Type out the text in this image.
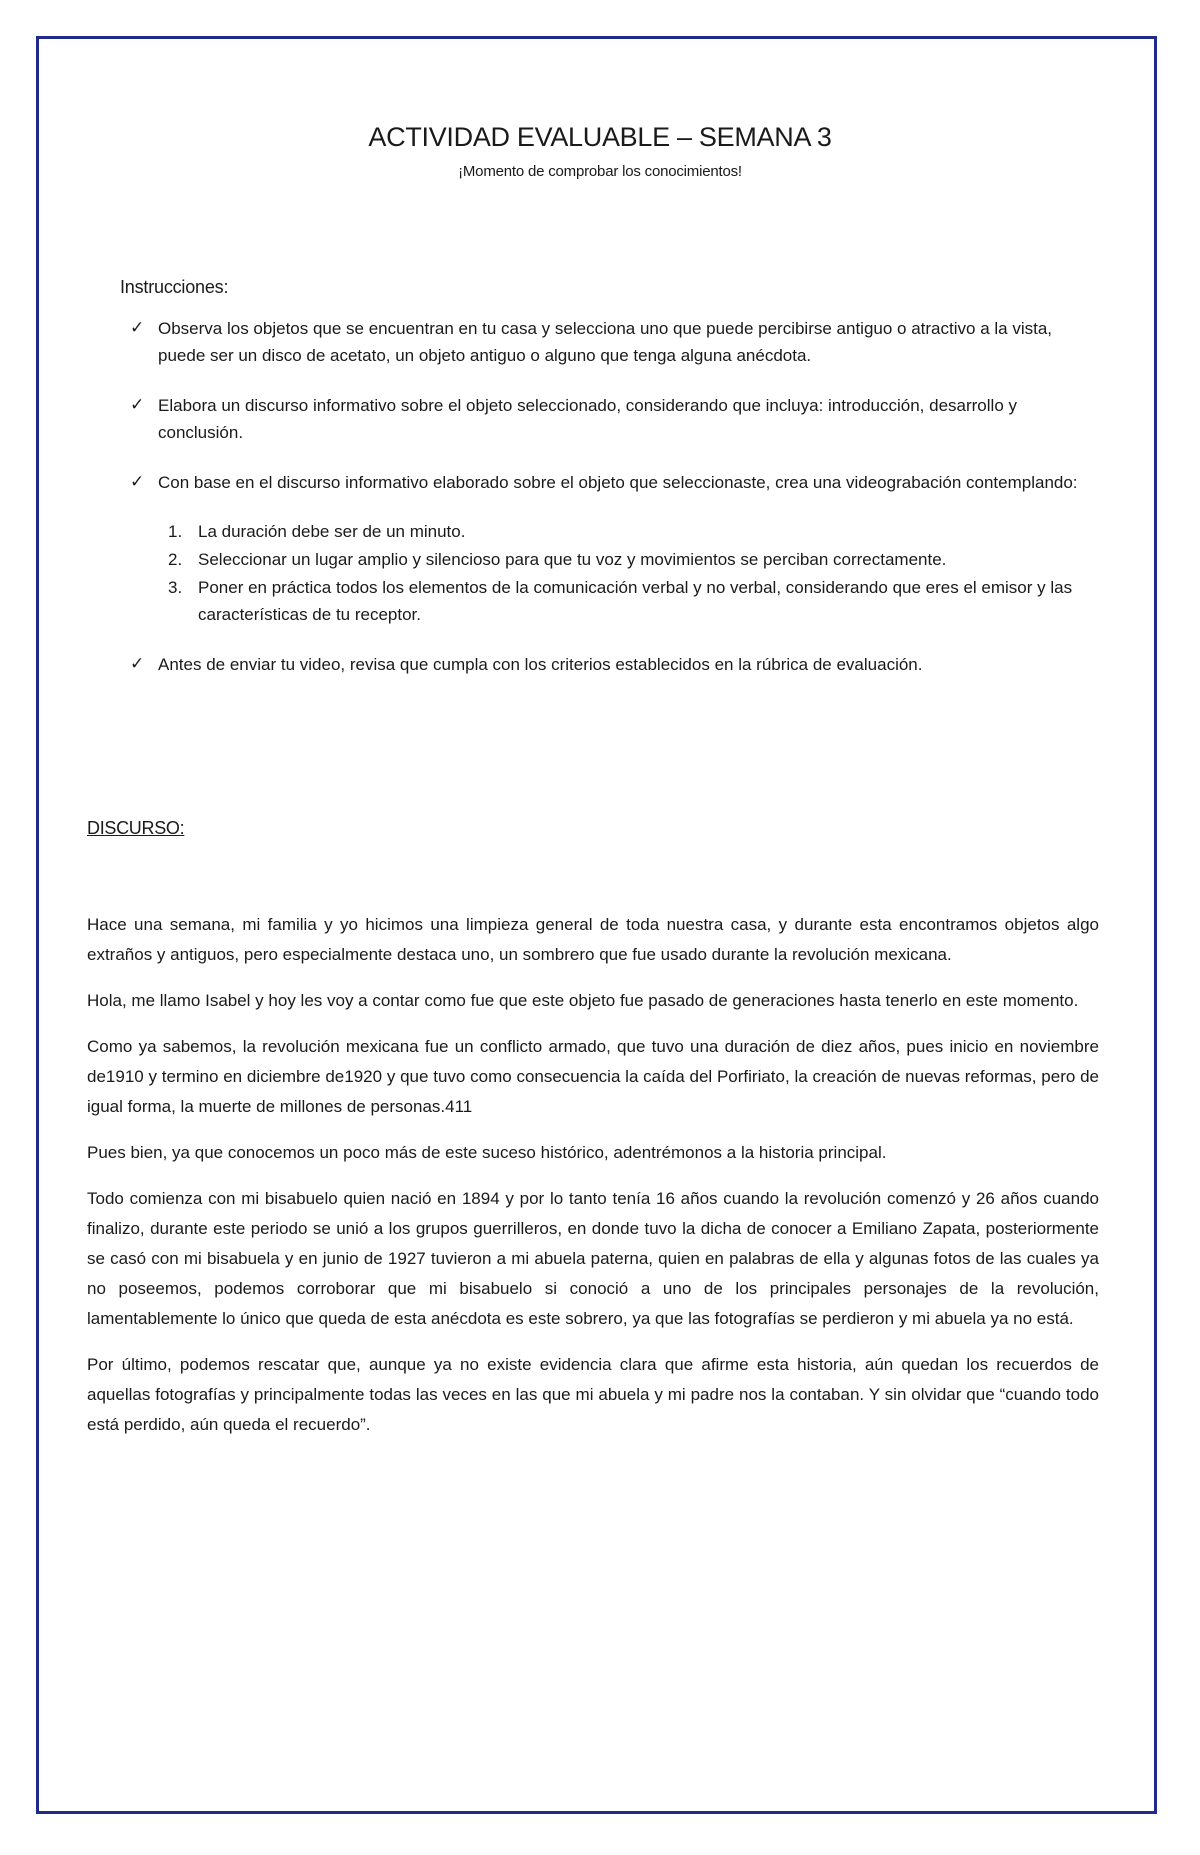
ACTIVIDAD EVALUABLE – SEMANA 3
¡Momento de comprobar los conocimientos!
Instrucciones:
✓ Observa los objetos que se encuentran en tu casa y selecciona uno que puede percibirse antiguo o atractivo a la vista, puede ser un disco de acetato, un objeto antiguo o alguno que tenga alguna anécdota.
✓ Elabora un discurso informativo sobre el objeto seleccionado, considerando que incluya: introducción, desarrollo y conclusión.
✓ Con base en el discurso informativo elaborado sobre el objeto que seleccionaste, crea una videograbación contemplando:
1. La duración debe ser de un minuto.
2. Seleccionar un lugar amplio y silencioso para que tu voz y movimientos se perciban correctamente.
3. Poner en práctica todos los elementos de la comunicación verbal y no verbal, considerando que eres el emisor y las características de tu receptor.
✓ Antes de enviar tu video, revisa que cumpla con los criterios establecidos en la rúbrica de evaluación.
DISCURSO:

Hace una semana, mi familia y yo hicimos una limpieza general de toda nuestra casa, y durante esta encontramos objetos algo extraños y antiguos, pero especialmente destaca uno, un sombrero que fue usado durante la revolución mexicana.

Hola, me llamo Isabel y hoy les voy a contar como fue que este objeto fue pasado de generaciones hasta tenerlo en este momento.

Como ya sabemos, la revolución mexicana fue un conflicto armado, que tuvo una duración de diez años, pues inicio en noviembre de1910 y termino en diciembre de1920 y que tuvo como consecuencia la caída del Porfiriato, la creación de nuevas reformas, pero de igual forma, la muerte de millones de personas.411

Pues bien, ya que conocemos un poco más de este suceso histórico, adentrémonos a la historia principal.

Todo comienza con mi bisabuelo quien nació en 1894 y por lo tanto tenía 16 años cuando la revolución comenzó y 26 años cuando finalizo, durante este periodo se unió a los grupos guerrilleros, en donde tuvo la dicha de conocer a Emiliano Zapata, posteriormente se casó con mi bisabuela y en junio de 1927 tuvieron a mi abuela paterna, quien en palabras de ella y algunas fotos de las cuales ya no poseemos, podemos corroborar que mi bisabuelo si conoció a uno de los principales personajes de la revolución, lamentablemente lo único que queda de esta anécdota es este sobrero, ya que las fotografías se perdieron y mi abuela ya no está.

Por último, podemos rescatar que, aunque ya no existe evidencia clara que afirme esta historia, aún quedan los recuerdos de aquellas fotografías y principalmente todas las veces en las que mi abuela y mi padre nos la contaban. Y sin olvidar que “cuando todo está perdido, aún queda el recuerdo”.
